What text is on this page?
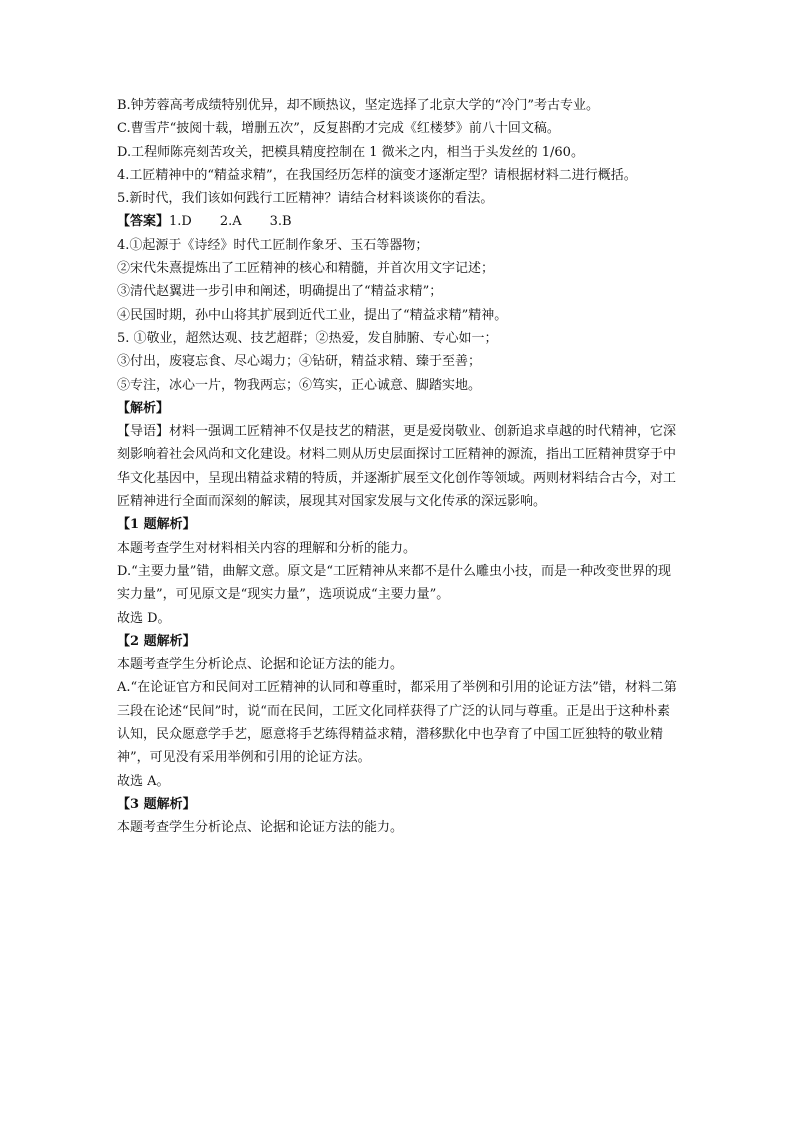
B.钟芳蓉高考成绩特别优异，却不顾热议，坚定选择了北京大学的“冷门”考古专业。
C.曹雪芹“披阅十载，增删五次”，反复斟酌才完成《红楼梦》前八十回文稿。
D.工程师陈亮刻苦攻关，把模具精度控制在 1 微米之内，相当于头发丝的 1/60。
4.工匠精神中的“精益求精”，在我国经历怎样的演变才逐渐定型？请根据材料二进行概括。
5.新时代，我们该如何践行工匠精神？请结合材料谈谈你的看法。
【答案】1.D 2.A 3.B
4.①起源于《诗经》时代工匠制作象牙、玉石等器物；
②宋代朱熹提炼出了工匠精神的核心和精髓，并首次用文字记述；
③清代赵翼进一步引申和阐述，明确提出了“精益求精”；
④民国时期，孙中山将其扩展到近代工业，提出了“精益求精”精神。
5. ①敬业，超然达观、技艺超群；②热爱，发自肺腑、专心如一；
③付出，废寝忘食、尽心竭力；④钻研，精益求精、臻于至善；
⑤专注，冰心一片，物我两忘；⑥笃实，正心诚意、脚踏实地。
【解析】
【导语】材料一强调工匠精神不仅是技艺的精湛，更是爱岗敬业、创新追求卓越的时代精神，它深刻影响着社会风尚和文化建设。材料二则从历史层面探讨工匠精神的源流，指出工匠精神贯穿于中华文化基因中，呈现出精益求精的特质，并逐渐扩展至文化创作等领域。两则材料结合古今，对工匠精神进行全面而深刻的解读，展现其对国家发展与文化传承的深远影响。
【1 题解析】
本题考查学生对材料相关内容的理解和分析的能力。
D.“主要力量”错，曲解文意。原文是“工匠精神从来都不是什么雕虫小技，而是一种改变世界的现实力量”，可见原文是“现实力量”，选项说成“主要力量”。
故选 D。
【2 题解析】
本题考查学生分析论点、论据和论证方法的能力。
A.“在论证官方和民间对工匠精神的认同和尊重时，都采用了举例和引用的论证方法”错，材料二第三段在论述“民间”时，说“而在民间，工匠文化同样获得了广泛的认同与尊重。正是出于这种朴素认知，民众愿意学手艺，愿意将手艺练得精益求精，潜移默化中也孕育了中国工匠独特的敬业精神”，可见没有采用举例和引用的论证方法。
故选 A。
【3 题解析】
本题考查学生分析论点、论据和论证方法的能力。
